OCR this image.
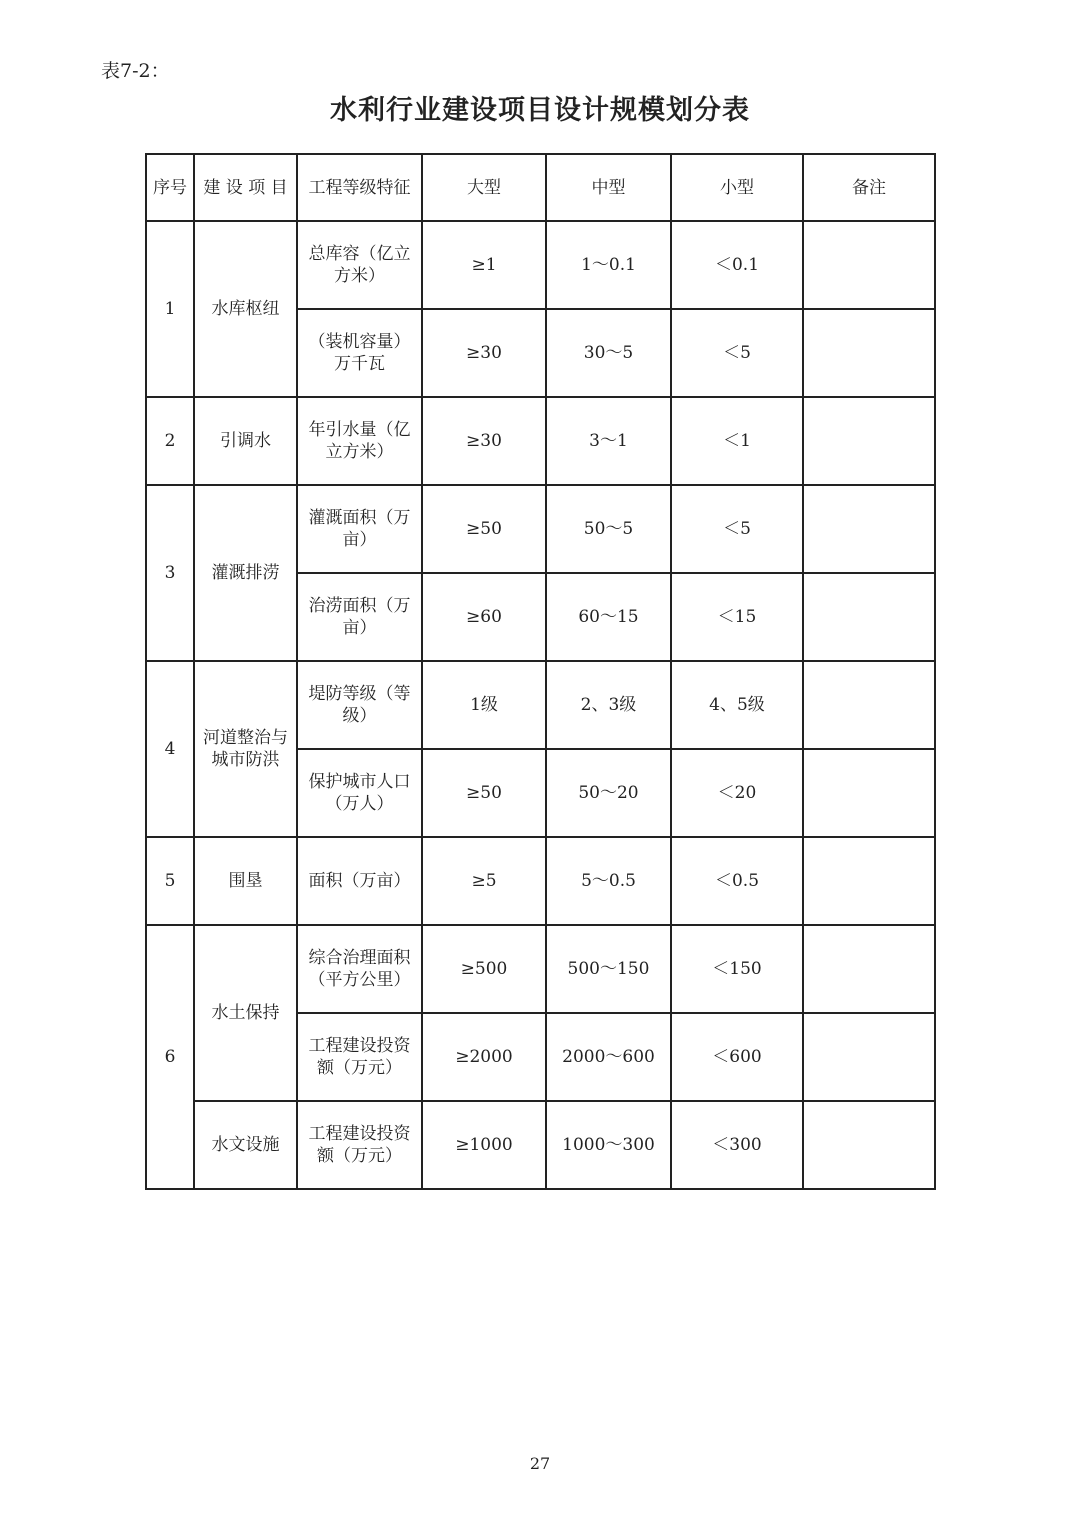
表7-2：
水利行业建设项目设计规模划分表
序号	建 设 项 目	工程等级特征	大型	中型	小型	备注
1	水库枢纽	总库容（亿立方米）	≥1	1～0.1	＜0.1	
		（装机容量）万千瓦	≥30	30～5	＜5	
2	引调水	年引水量（亿立方米）	≥30	3～1	＜1	
3	灌溉排涝	灌溉面积（万亩）	≥50	50～5	＜5	
		治涝面积（万亩）	≥60	60～15	＜15	
4	河道整治与城市防洪	堤防等级（等级）	1级	2、3级	4、5级	
		保护城市人口（万人）	≥50	50～20	＜20	
5	围垦	面积（万亩）	≥5	5～0.5	＜0.5	
6	水土保持	综合治理面积（平方公里）	≥500	500～150	＜150	
		工程建设投资额（万元）	≥2000	2000～600	＜600	
	水文设施	工程建设投资额（万元）	≥1000	1000～300	＜300	
27
